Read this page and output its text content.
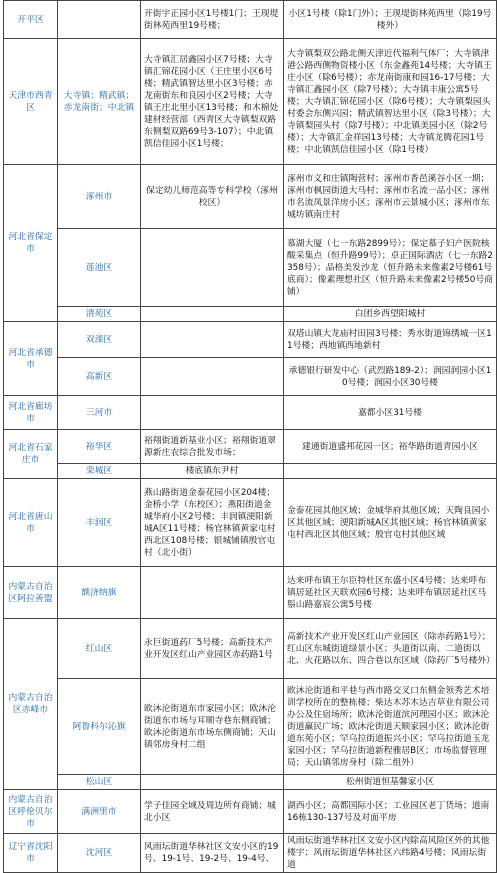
开平区		开街宇正园小区1号楼1门；王现堤街林苑西里19号楼；	小区1号楼（除1门外）；王现堤街林苑西里（除19号楼外）
天津市西青区	大寺镇；精武镇；赤龙南街；中北镇	大寺镇汇居鑫园小区7号楼；大寺镇汇锦花园小区（王庄里小区6号楼；精武镇智达里小区3号楼；赤龙南街东和良园小区2号楼；大寺镇王庄北里小区13号楼；和木棉处建材经营部（西青区大寺镇梨双路东侧梨双路69号3-107）；中北镇凯信佳园小区1号楼；	大寺镇梨双公路北侧天津近代福利气体厂；大寺镇津港公路西侧物资楼小区（东金鑫苑14号楼；大寺镇王庄小区（除6号楼）；赤龙南街康和园16-17号楼；大寺镇汇鑫园小区（除7号楼）；大寺镇丰康公寓5号楼；大寺镇汇锦花园小区（除6号楼）；大寺镇梨园头村委会东侧兴园；精武镇智达里小区（除3号楼）；大寺镇梨园头村（除7号楼）；中北镇美园小区（除2号楼）；大寺镇汇金祥园13号楼；大寺镇龙腾花园1号楼；中北镇凯信佳园小区（除1号楼）
河北省保定市	涿州市	保定幼儿师范高等专科学校（涿州校区）	涿州市义和庄镇陶营村；涿州市香邑溪谷小区一期；涿州市枫园街道大马村；涿州市名流一品小区；涿州市名流凤景洋房小区；涿州市云景城小区；涿州市东城坊镇南庄村
	莲池区		慕湖大厦（七一东路2899号）；保定慕子妇产医院核酸采集点（恒升路99号）；卓正国际酒店（七一东路2358号）；品格美发沙龙（恒升路未来像素2号楼61号底商）；像素理想社区（恒升路未来像素2号楼50号商铺）
	清苑区		白团乡西望阳城村
河北省承德市	双滦区		双塔山镇大龙庙村田园3号楼；秀水街道锦绣城一区11号楼；西地镇西地新村
	高新区		承德银行研发中心（武烈路189-2）；润园润园小区10号楼；润园小区30号楼
河北省廊坊市	三河市		嘉都小区31号楼
河北省石家庄市	裕华区	裕翔街道新基业小区；裕翔街道翠源新庄农综合批发市场；	建通街道盛邦花园一区；裕华路街道青园小区
	栾城区	楼底镇东尹村	
河北省唐山市	丰润区	燕山路街道金泰花园小区204楼；金桥小学（东校区）；燕阳街道金城华府小区2号楼；丰润镇浭阳新城A区11号楼；杨官林镇黄家屯村西北区108号楼；银城铺镇殷官屯村（北小街）	金泰花园其他区域；金城华府其他区域；天陶良园小区其他区域；浭阳新城A区其他区域；杨官林镇黄家屯村西北区其他区域；殷官屯村其他区域
内蒙古自治区阿拉善盟	额济纳旗		达来呼布镇王尔臣特杜区东盛小区4号楼；达来呼布镇居延社区天联欢园6号楼；达来呼布镇居延社区马鬃山路嘉宸公寓5号楼
内蒙古自治区赤峰市	红山区	永巨街道药厂5号楼；高新技术产业开发区红山产业园区赤药路1号	高新技术产业开发区红山产业园区（除赤药路1号）；红山区东城街道绿景小区；头道街以南、二道街以北、火花路以东、四合巷以东区域（除药厂5号楼外）
	阿鲁科尔沁旗	欧沐沦街道东市家园小区；欧沐沦街道东市场与耳顺寺巷东侧商铺；欧沐沦街道东市场东侧商铺；天山镇邻房身村二组	欧沐沦街道和平巷与西市路交叉口东侧金领秀艺术培训学校所在的整栋楼；柴达木苏木达吉草业有限公司办公及住宿场所；欧沐沦街道滨河理园小区；欧沐沦街道赢民广场；欧沐沦街道天顺家园小区；欧沐沦街道东苑小区；罕乌拉街道振兴小区；罕乌拉街道玉龙家园小区；罕乌拉街道新程雅居B区；市场监督管理局；天山镇邻房身村（除二组外）
	松山区		松州街道恒基馨家小区
内蒙古自治区呼伦贝尔市	满洲里市	学子佳园全域及周边所有商铺；城北小区	湖西小区；高都国际小区；工业园区老丁货场；道南16栋130-137号及对面平房
辽宁省沈阳市	沈河区	风雨坛街道华林社区文安小区的19号、19-1号、19-2号、19-4号、	风雨坛街道华林社区文安小区内除高风险区外的其他楼宇；风雨坛街道华林社区六纬路4号楼；风雨坛街道
